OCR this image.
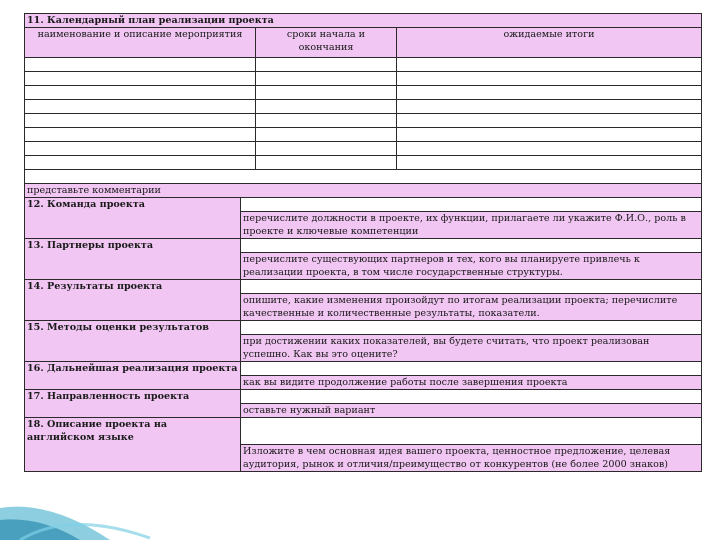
11. Календарный план реализации проекта		
наименование и описание мероприятия	сроки начала и окончания	ожидаемые итоги

представьте комментарии		
12. Команда проекта	
	перечислите должности в проекте, их функции, прилагаете ли укажите Ф.И.О., роль в проекте и ключевые компетенции
13. Партнеры проекта	
	перечислите существующих партнеров и тех, кого вы планируете привлечь к реализации проекта, в том числе государственные структуры.
14. Результаты проекта	
	опишите, какие изменения произойдут по итогам реализации проекта; перечислите качественные и количественные результаты, показатели.
15. Методы оценки результатов	
	при достижении каких показателей, вы будете считать, что проект реализован успешно. Как вы это оцените?
16. Дальнейшая реализация проекта	
	как вы видите продолжение работы после завершения проекта
17. Направленность проекта	
	оставьте нужный вариант
18. Описание проекта на английском языке	
	Изложите в чем основная идея вашего проекта, ценностное предложение, целевая аудитория, рынок и отличия/преимущество от конкурентов (не более 2000 знаков)
